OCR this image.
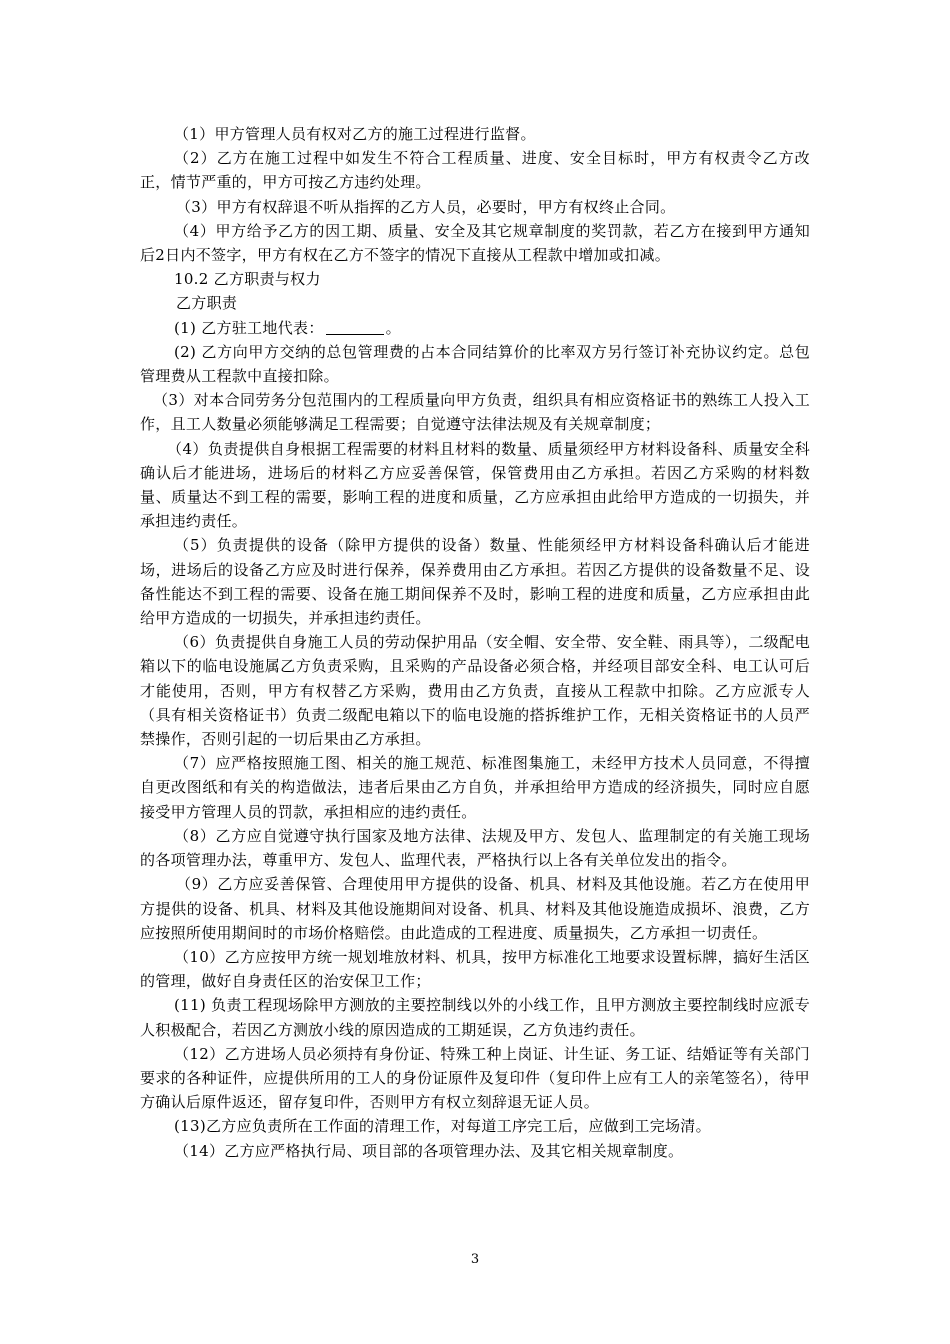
（1）甲方管理人员有权对乙方的施工过程进行监督。

（2）乙方在施工过程中如发生不符合工程质量、进度、安全目标时，甲方有权责令乙方改正，情节严重的，甲方可按乙方违约处理。

（3）甲方有权辞退不听从指挥的乙方人员，必要时，甲方有权终止合同。

（4）甲方给予乙方的因工期、质量、安全及其它规章制度的奖罚款，若乙方在接到甲方通知后2日内不签字，甲方有权在乙方不签字的情况下直接从工程款中增加或扣减。

10.2 乙方职责与权力

乙方职责

(1) 乙方驻工地代表：	。

(2) 乙方向甲方交纳的总包管理费的占本合同结算价的比率双方另行签订补充协议约定。总包管理费从工程款中直接扣除。

（3）对本合同劳务分包范围内的工程质量向甲方负责，组织具有相应资格证书的熟练工人投入工作，且工人数量必须能够满足工程需要；自觉遵守法律法规及有关规章制度；

（4）负责提供自身根据工程需要的材料且材料的数量、质量须经甲方材料设备科、质量安全科确认后才能进场，进场后的材料乙方应妥善保管，保管费用由乙方承担。若因乙方采购的材料数量、质量达不到工程的需要，影响工程的进度和质量，乙方应承担由此给甲方造成的一切损失，并承担违约责任。

（5）负责提供的设备（除甲方提供的设备）数量、性能须经甲方材料设备科确认后才能进场，进场后的设备乙方应及时进行保养，保养费用由乙方承担。若因乙方提供的设备数量不足、设备性能达不到工程的需要、设备在施工期间保养不及时，影响工程的进度和质量，乙方应承担由此给甲方造成的一切损失，并承担违约责任。

（6）负责提供自身施工人员的劳动保护用品（安全帽、安全带、安全鞋、雨具等），二级配电箱以下的临电设施属乙方负责采购，且采购的产品设备必须合格，并经项目部安全科、电工认可后才能使用，否则，甲方有权替乙方采购，费用由乙方负责，直接从工程款中扣除。乙方应派专人（具有相关资格证书）负责二级配电箱以下的临电设施的搭拆维护工作，无相关资格证书的人员严禁操作，否则引起的一切后果由乙方承担。

（7）应严格按照施工图、相关的施工规范、标准图集施工，未经甲方技术人员同意，不得擅自更改图纸和有关的构造做法，违者后果由乙方自负，并承担给甲方造成的经济损失，同时应自愿接受甲方管理人员的罚款，承担相应的违约责任。

（8）乙方应自觉遵守执行国家及地方法律、法规及甲方、发包人、监理制定的有关施工现场的各项管理办法，尊重甲方、发包人、监理代表，严格执行以上各有关单位发出的指令。

（9）乙方应妥善保管、合理使用甲方提供的设备、机具、材料及其他设施。若乙方在使用甲方提供的设备、机具、材料及其他设施期间对设备、机具、材料及其他设施造成损坏、浪费，乙方应按照所使用期间时的市场价格赔偿。由此造成的工程进度、质量损失，乙方承担一切责任。

（10）乙方应按甲方统一规划堆放材料、机具，按甲方标准化工地要求设置标牌，搞好生活区的管理，做好自身责任区的治安保卫工作；

(11) 负责工程现场除甲方测放的主要控制线以外的小线工作，且甲方测放主要控制线时应派专人积极配合，若因乙方测放小线的原因造成的工期延误，乙方负违约责任。

（12）乙方进场人员必须持有身份证、特殊工种上岗证、计生证、务工证、结婚证等有关部门要求的各种证件，应提供所用的工人的身份证原件及复印件（复印件上应有工人的亲笔签名），待甲方确认后原件返还，留存复印件，否则甲方有权立刻辞退无证人员。

(13)乙方应负责所在工作面的清理工作，对每道工序完工后，应做到工完场清。

（14）乙方应严格执行局、项目部的各项管理办法、及其它相关规章制度。

3
